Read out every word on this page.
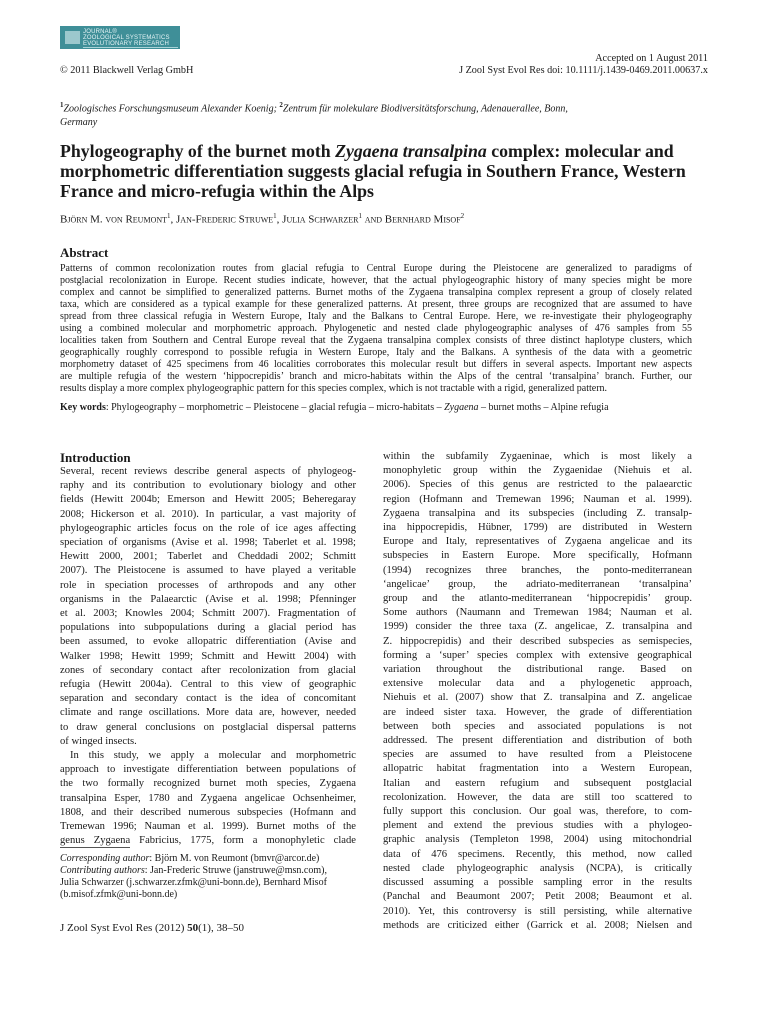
JOURNAL®
ZOOLOGICAL SYSTEMATICS
EVOLUTIONARY RESEARCH
© 2011 Blackwell Verlag GmbH
Accepted on 1 August 2011
J Zool Syst Evol Res doi: 10.1111/j.1439-0469.2011.00637.x
$^1$Zoologisches Forschungsmuseum Alexander Koenig; $^2$Zentrum für molekulare Biodiversitätsforschung, Adenauerallee, Bonn,
Germany
Phylogeography of the burnet moth Zygaena transalpina complex: molecular and
morphometric differentiation suggests glacial refugia in Southern France, Western
France and micro-refugia within the Alps
Björn M. von Reumont$^1$, Jan-Frederic Struwe$^1$, Julia Schwarzer$^1$ and Bernhard Misof$^2$
Abstract
Patterns of common recolonization routes from glacial refugia to Central Europe during the Pleistocene are generalized to paradigms of
postglacial recolonization in Europe. Recent studies indicate, however, that the actual phylogeographic history of many species might be more
complex and cannot be simplified to generalized patterns. Burnet moths of the Zygaena transalpina complex represent a group of closely related
taxa, which are considered as a typical example for these generalized patterns. At present, three groups are recognized that are assumed to have
spread from three classical refugia in Western Europe, Italy and the Balkans to Central Europe. Here, we re-investigate their phylogeography
using a combined molecular and morphometric approach. Phylogenetic and nested clade phylogeographic analyses of 476 samples from 55
localities taken from Southern and Central Europe reveal that the Zygaena transalpina complex consists of three distinct haplotype clusters, which
geographically roughly correspond to possible refugia in Western Europe, Italy and the Balkans. A synthesis of the data with a geometric
morphometry dataset of 425 specimens from 46 localities corroborates this molecular result but differs in several aspects. Important new aspects
are multiple refugia of the western ‘hippocrepidis’ branch and micro-habitats within the Alps of the central ‘transalpina’ branch. Further, our
results display a more complex phylogeographic pattern for this species complex, which is not tractable with a rigid, generalized pattern.
Key words: Phylogeography – morphometric – Pleistocene – glacial refugia – micro-habitats – Zygaena – burnet moths – Alpine refugia
Introduction
Several, recent reviews describe general aspects of phylogeog-
raphy and its contribution to evolutionary biology and other
fields (Hewitt 2004b; Emerson and Hewitt 2005; Beheregaray
2008; Hickerson et al. 2010). In particular, a vast majority of
phylogeographic articles focus on the role of ice ages affecting
speciation of organisms (Avise et al. 1998; Taberlet et al. 1998;
Hewitt 2000, 2001; Taberlet and Cheddadi 2002; Schmitt
2007). The Pleistocene is assumed to have played a veritable
role in speciation processes of arthropods and any other
organisms in the Palaearctic (Avise et al. 1998; Pfenninger
et al. 2003; Knowles 2004; Schmitt 2007). Fragmentation of
populations into subpopulations during a glacial period has
been assumed, to evoke allopatric differentiation (Avise and
Walker 1998; Hewitt 1999; Schmitt and Hewitt 2004) with
zones of secondary contact after recolonization from glacial
refugia (Hewitt 2004a). Central to this view of geographic
separation and secondary contact is the idea of concomitant
climate and range oscillations. More data are, however, needed
to draw general conclusions on postglacial dispersal patterns
of winged insects.
In this study, we apply a molecular and morphometric
approach to investigate differentiation between populations of
the two formally recognized burnet moth species, Zygaena
transalpina Esper, 1780 and Zygaena angelicae Ochsenheimer,
1808, and their described numerous subspecies (Hofmann and
Tremewan 1996; Nauman et al. 1999). Burnet moths of the
genus Zygaena Fabricius, 1775, form a monophyletic clade
within the subfamily Zygaeninae, which is most likely a
monophyletic group within the Zygaenidae (Niehuis et al.
2006). Species of this genus are restricted to the palaearctic
region (Hofmann and Tremewan 1996; Nauman et al. 1999).
Zygaena transalpina and its subspecies (including Z. transalp-
ina hippocrepidis, Hübner, 1799) are distributed in Western
Europe and Italy, representatives of Zygaena angelicae and its
subspecies in Eastern Europe. More specifically, Hofmann
(1994) recognizes three branches, the ponto-mediterranean
‘angelicae’ group, the adriato-mediterranean ‘transalpina’
group and the atlanto-mediterranean ‘hippocrepidis’ group.
Some authors (Naumann and Tremewan 1984; Nauman et al.
1999) consider the three taxa (Z. angelicae, Z. transalpina and
Z. hippocrepidis) and their described subspecies as semispecies,
forming a ‘super’ species complex with extensive geographical
variation throughout the distributional range. Based on
extensive molecular data and a phylogenetic approach,
Niehuis et al. (2007) show that Z. transalpina and Z. angelicae
are indeed sister taxa. However, the grade of differentiation
between both species and associated populations is not
addressed. The present differentiation and distribution of both
species are assumed to have resulted from a Pleistocene
allopatric habitat fragmentation into a Western European,
Italian and eastern refugium and subsequent postglacial
recolonization. However, the data are still too scattered to
fully support this conclusion. Our goal was, therefore, to com-
plement and extend the previous studies with a phylogeo-
graphic analysis (Templeton 1998, 2004) using mitochondrial
data of 476 specimens. Recently, this method, now called
nested clade phylogeographic analysis (NCPA), is critically
discussed assuming a possible sampling error in the results
(Panchal and Beaumont 2007; Petit 2008; Beaumont et al.
2010). Yet, this controversy is still persisting, while alternative
methods are criticized either (Garrick et al. 2008; Nielsen and
Corresponding author: Björn M. von Reumont (bmvr@arcor.de)
Contributing authors: Jan-Frederic Struwe (janstruwe@msn.com),
Julia Schwarzer (j.schwarzer.zfmk@uni-bonn.de), Bernhard Misof
(b.misof.zfmk@uni-bonn.de)
J Zool Syst Evol Res (2012) 50(1), 38–50
